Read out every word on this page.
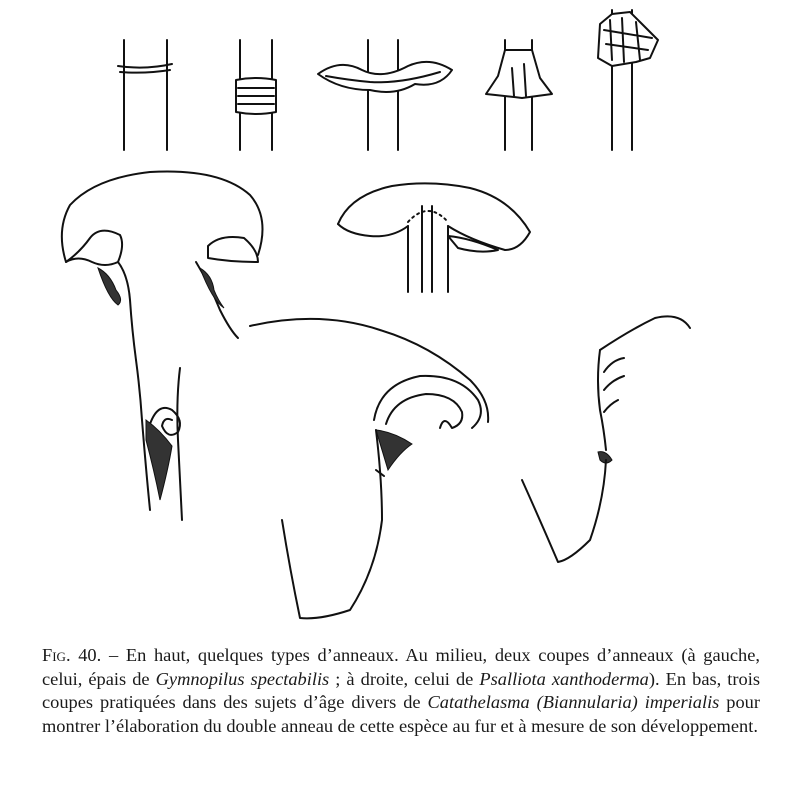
Fig. 40. – En haut, quelques types d’anneaux. Au milieu, deux coupes d’anneaux (à gauche, celui, épais de Gymnopilus spectabilis ; à droite, celui de Psalliota xanthoderma). En bas, trois coupes pratiquées dans des sujets d’âge divers de Catathelasma (Biannularia) imperialis pour montrer l’élaboration du double anneau de cette espèce au fur et à mesure de son développement.
